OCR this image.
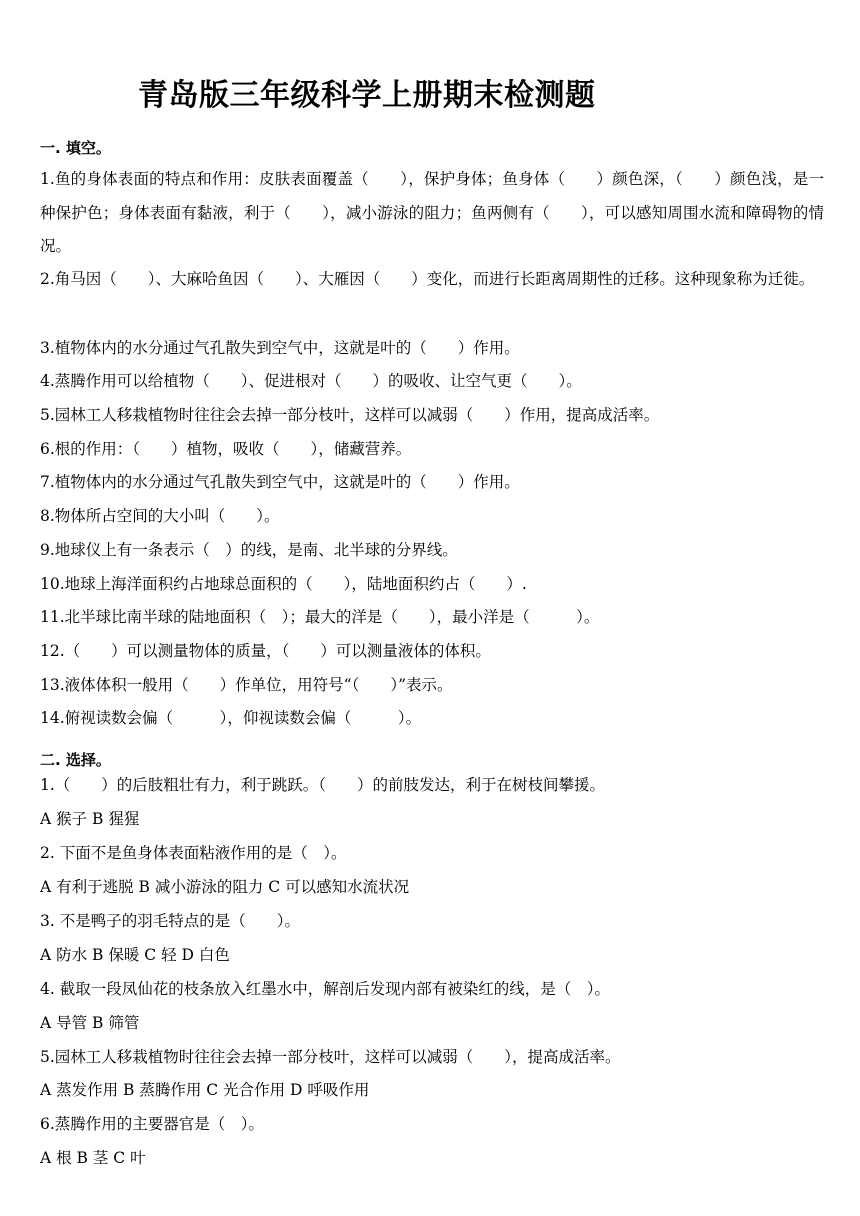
青岛版三年级科学上册期末检测题
一. 填空。
1.鱼的身体表面的特点和作用：皮肤表面覆盖（　　），保护身体；鱼身体（　　）颜色深，（　　）颜色浅，是一种保护色；身体表面有黏液，利于（　　），减小游泳的阻力；鱼两侧有（　　），可以感知周围水流和障碍物的情况。
2.角马因（　　）、大麻哈鱼因（　　）、大雁因（　　）变化，而进行长距离周期性的迁移。这种现象称为迁徙。
3.植物体内的水分通过气孔散失到空气中，这就是叶的（　　）作用。
4.蒸腾作用可以给植物（　　）、促进根对（　　）的吸收、让空气更（　　）。
5.园林工人移栽植物时往往会去掉一部分枝叶，这样可以减弱（　　）作用，提高成活率。
6.根的作用：（　　）植物，吸收（　　），储藏营养。
7.植物体内的水分通过气孔散失到空气中，这就是叶的（　　）作用。
8.物体所占空间的大小叫（　　）。
9.地球仪上有一条表示（　）的线，是南、北半球的分界线。
10.地球上海洋面积约占地球总面积的（　　），陆地面积约占（　　）.
11.北半球比南半球的陆地面积（　）；最大的洋是（　　），最小洋是（　　　）。
12.（　　）可以测量物体的质量，（　　）可以测量液体的体积。
13.液体体积一般用（　　）作单位，用符号“（　　）”表示。
14.俯视读数会偏（　　　），仰视读数会偏（　　　）。
二. 选择。
1.（　　）的后肢粗壮有力，利于跳跃。（　　）的前肢发达，利于在树枝间攀援。
A 猴子 B 猩猩
2. 下面不是鱼身体表面粘液作用的是（　）。
A 有利于逃脱 B 减小游泳的阻力 C 可以感知水流状况
3. 不是鸭子的羽毛特点的是（　　）。
A 防水 B 保暖 C 轻 D 白色
4. 截取一段凤仙花的枝条放入红墨水中，解剖后发现内部有被染红的线，是（　）。
A 导管 B 筛管
5.园林工人移栽植物时往往会去掉一部分枝叶，这样可以减弱（　　），提高成活率。
A 蒸发作用 B 蒸腾作用 C 光合作用 D 呼吸作用
6.蒸腾作用的主要器官是（　）。
A 根 B 茎 C 叶
